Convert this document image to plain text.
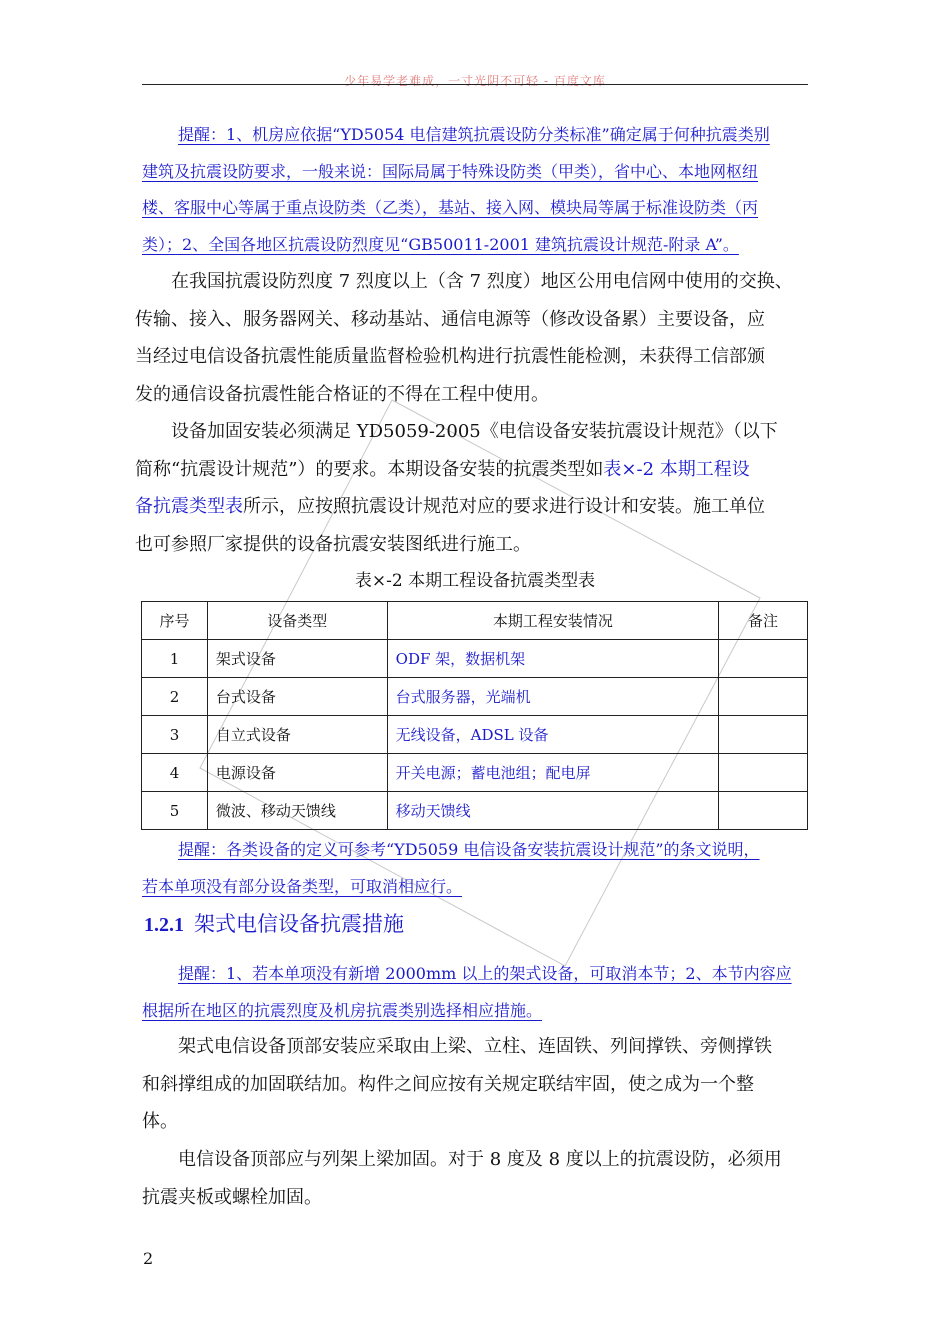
少年易学老难成，一寸光阴不可轻 - 百度文库
提醒：1、机房应依据“YD5054 电信建筑抗震设防分类标准”确定属于何种抗震类别
建筑及抗震设防要求，一般来说：国际局属于特殊设防类（甲类），省中心、本地网枢纽
楼、客服中心等属于重点设防类（乙类），基站、接入网、模块局等属于标准设防类（丙
类）；2、全国各地区抗震设防烈度见“GB50011-2001 建筑抗震设计规范-附录 A”。
在我国抗震设防烈度 7 烈度以上（含 7 烈度）地区公用电信网中使用的交换、
传输、接入、服务器网关、移动基站、通信电源等（修改设备累）主要设备，应
当经过电信设备抗震性能质量监督检验机构进行抗震性能检测，未获得工信部颁
发的通信设备抗震性能合格证的不得在工程中使用。
设备加固安装必须满足 YD5059-2005《电信设备安装抗震设计规范》（以下
简称“抗震设计规范”）的要求。本期设备安装的抗震类型如表×-2 本期工程设
备抗震类型表所示，应按照抗震设计规范对应的要求进行设计和安装。施工单位
也可参照厂家提供的设备抗震安装图纸进行施工。
表×-2 本期工程设备抗震类型表
序号	设备类型	本期工程安装情况	备注
1	架式设备	ODF 架，数据机架	
2	台式设备	台式服务器，光端机	
3	自立式设备	无线设备，ADSL 设备	
4	电源设备	开关电源；蓄电池组；配电屏	
5	微波、移动天馈线	移动天馈线	
提醒：各类设备的定义可参考“YD5059 电信设备安装抗震设计规范”的条文说明，
若本单项没有部分设备类型，可取消相应行。
1.2.1 架式电信设备抗震措施
提醒：1、若本单项没有新增 2000mm 以上的架式设备，可取消本节；2、本节内容应
根据所在地区的抗震烈度及机房抗震类别选择相应措施。
架式电信设备顶部安装应采取由上梁、立柱、连固铁、列间撑铁、旁侧撑铁
和斜撑组成的加固联结加。构件之间应按有关规定联结牢固，使之成为一个整
体。
电信设备顶部应与列架上梁加固。对于 8 度及 8 度以上的抗震设防，必须用
抗震夹板或螺栓加固。
2
